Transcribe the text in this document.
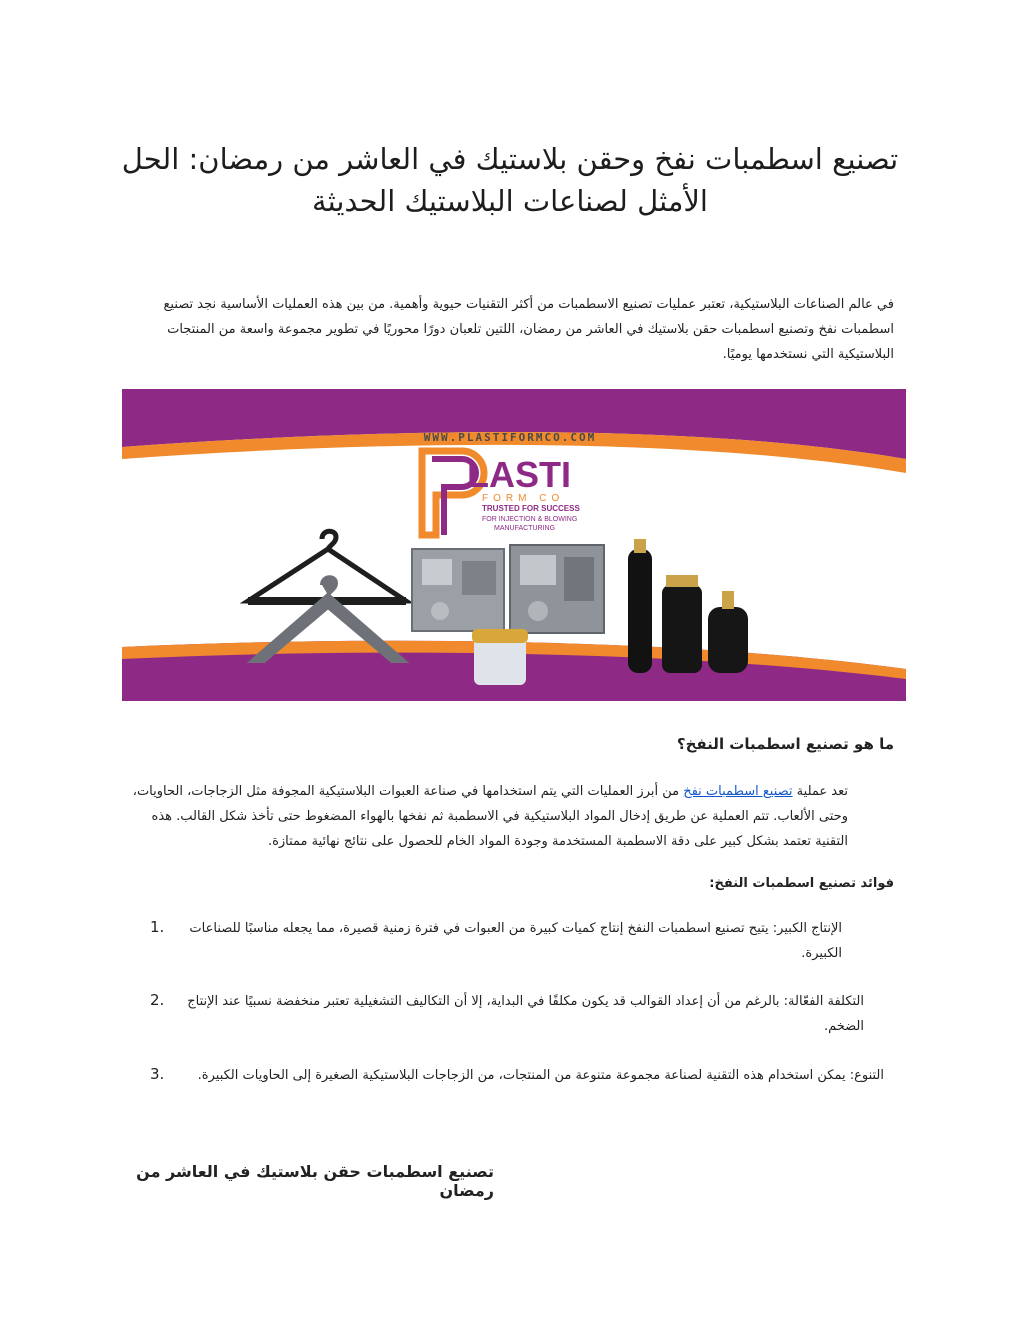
تصنيع اسطمبات نفخ وحقن بلاستيك في العاشر من رمضان: الحل الأمثل لصناعات البلاستيك الحديثة

في عالم الصناعات البلاستيكية، تعتبر عمليات تصنيع الاسطمبات من أكثر التقنيات حيوية وأهمية. من بين هذه العمليات الأساسية نجد تصنيع اسطمبات نفخ وتصنيع اسطمبات حقن بلاستيك في العاشر من رمضان، اللتين تلعبان دورًا محوريًا في تطوير مجموعة واسعة من المنتجات البلاستيكية التي نستخدمها يوميًا.

WWW.PLASTIFORMCO.COM
LASTI
FORM CO
TRUSTED FOR SUCCESS
FOR INJECTION & BLOWING
MANUFACTURING

ما هو تصنيع اسطمبات النفخ؟

تعد عملية تصنيع اسطمبات نفخ من أبرز العمليات التي يتم استخدامها في صناعة العبوات البلاستيكية المجوفة مثل الزجاجات، الحاويات، وحتى الألعاب. تتم العملية عن طريق إدخال المواد البلاستيكية في الاسطمبة ثم نفخها بالهواء المضغوط حتى تأخذ شكل القالب. هذه التقنية تعتمد بشكل كبير على دقة الاسطمبة المستخدمة وجودة المواد الخام للحصول على نتائج نهائية ممتازة.

فوائد تصنيع اسطمبات النفخ:

1.	الإنتاج الكبير: يتيح تصنيع اسطمبات النفخ إنتاج كميات كبيرة من العبوات في فترة زمنية قصيرة، مما يجعله مناسبًا للصناعات الكبيرة.

2.	التكلفة الفعّالة: بالرغم من أن إعداد القوالب قد يكون مكلفًا في البداية، إلا أن التكاليف التشغيلية تعتبر منخفضة نسبيًا عند الإنتاج الضخم.

3.	التنوع: يمكن استخدام هذه التقنية لصناعة مجموعة متنوعة من المنتجات، من الزجاجات البلاستيكية الصغيرة إلى الحاويات الكبيرة.

تصنيع اسطمبات حقن بلاستيك في العاشر من رمضان
